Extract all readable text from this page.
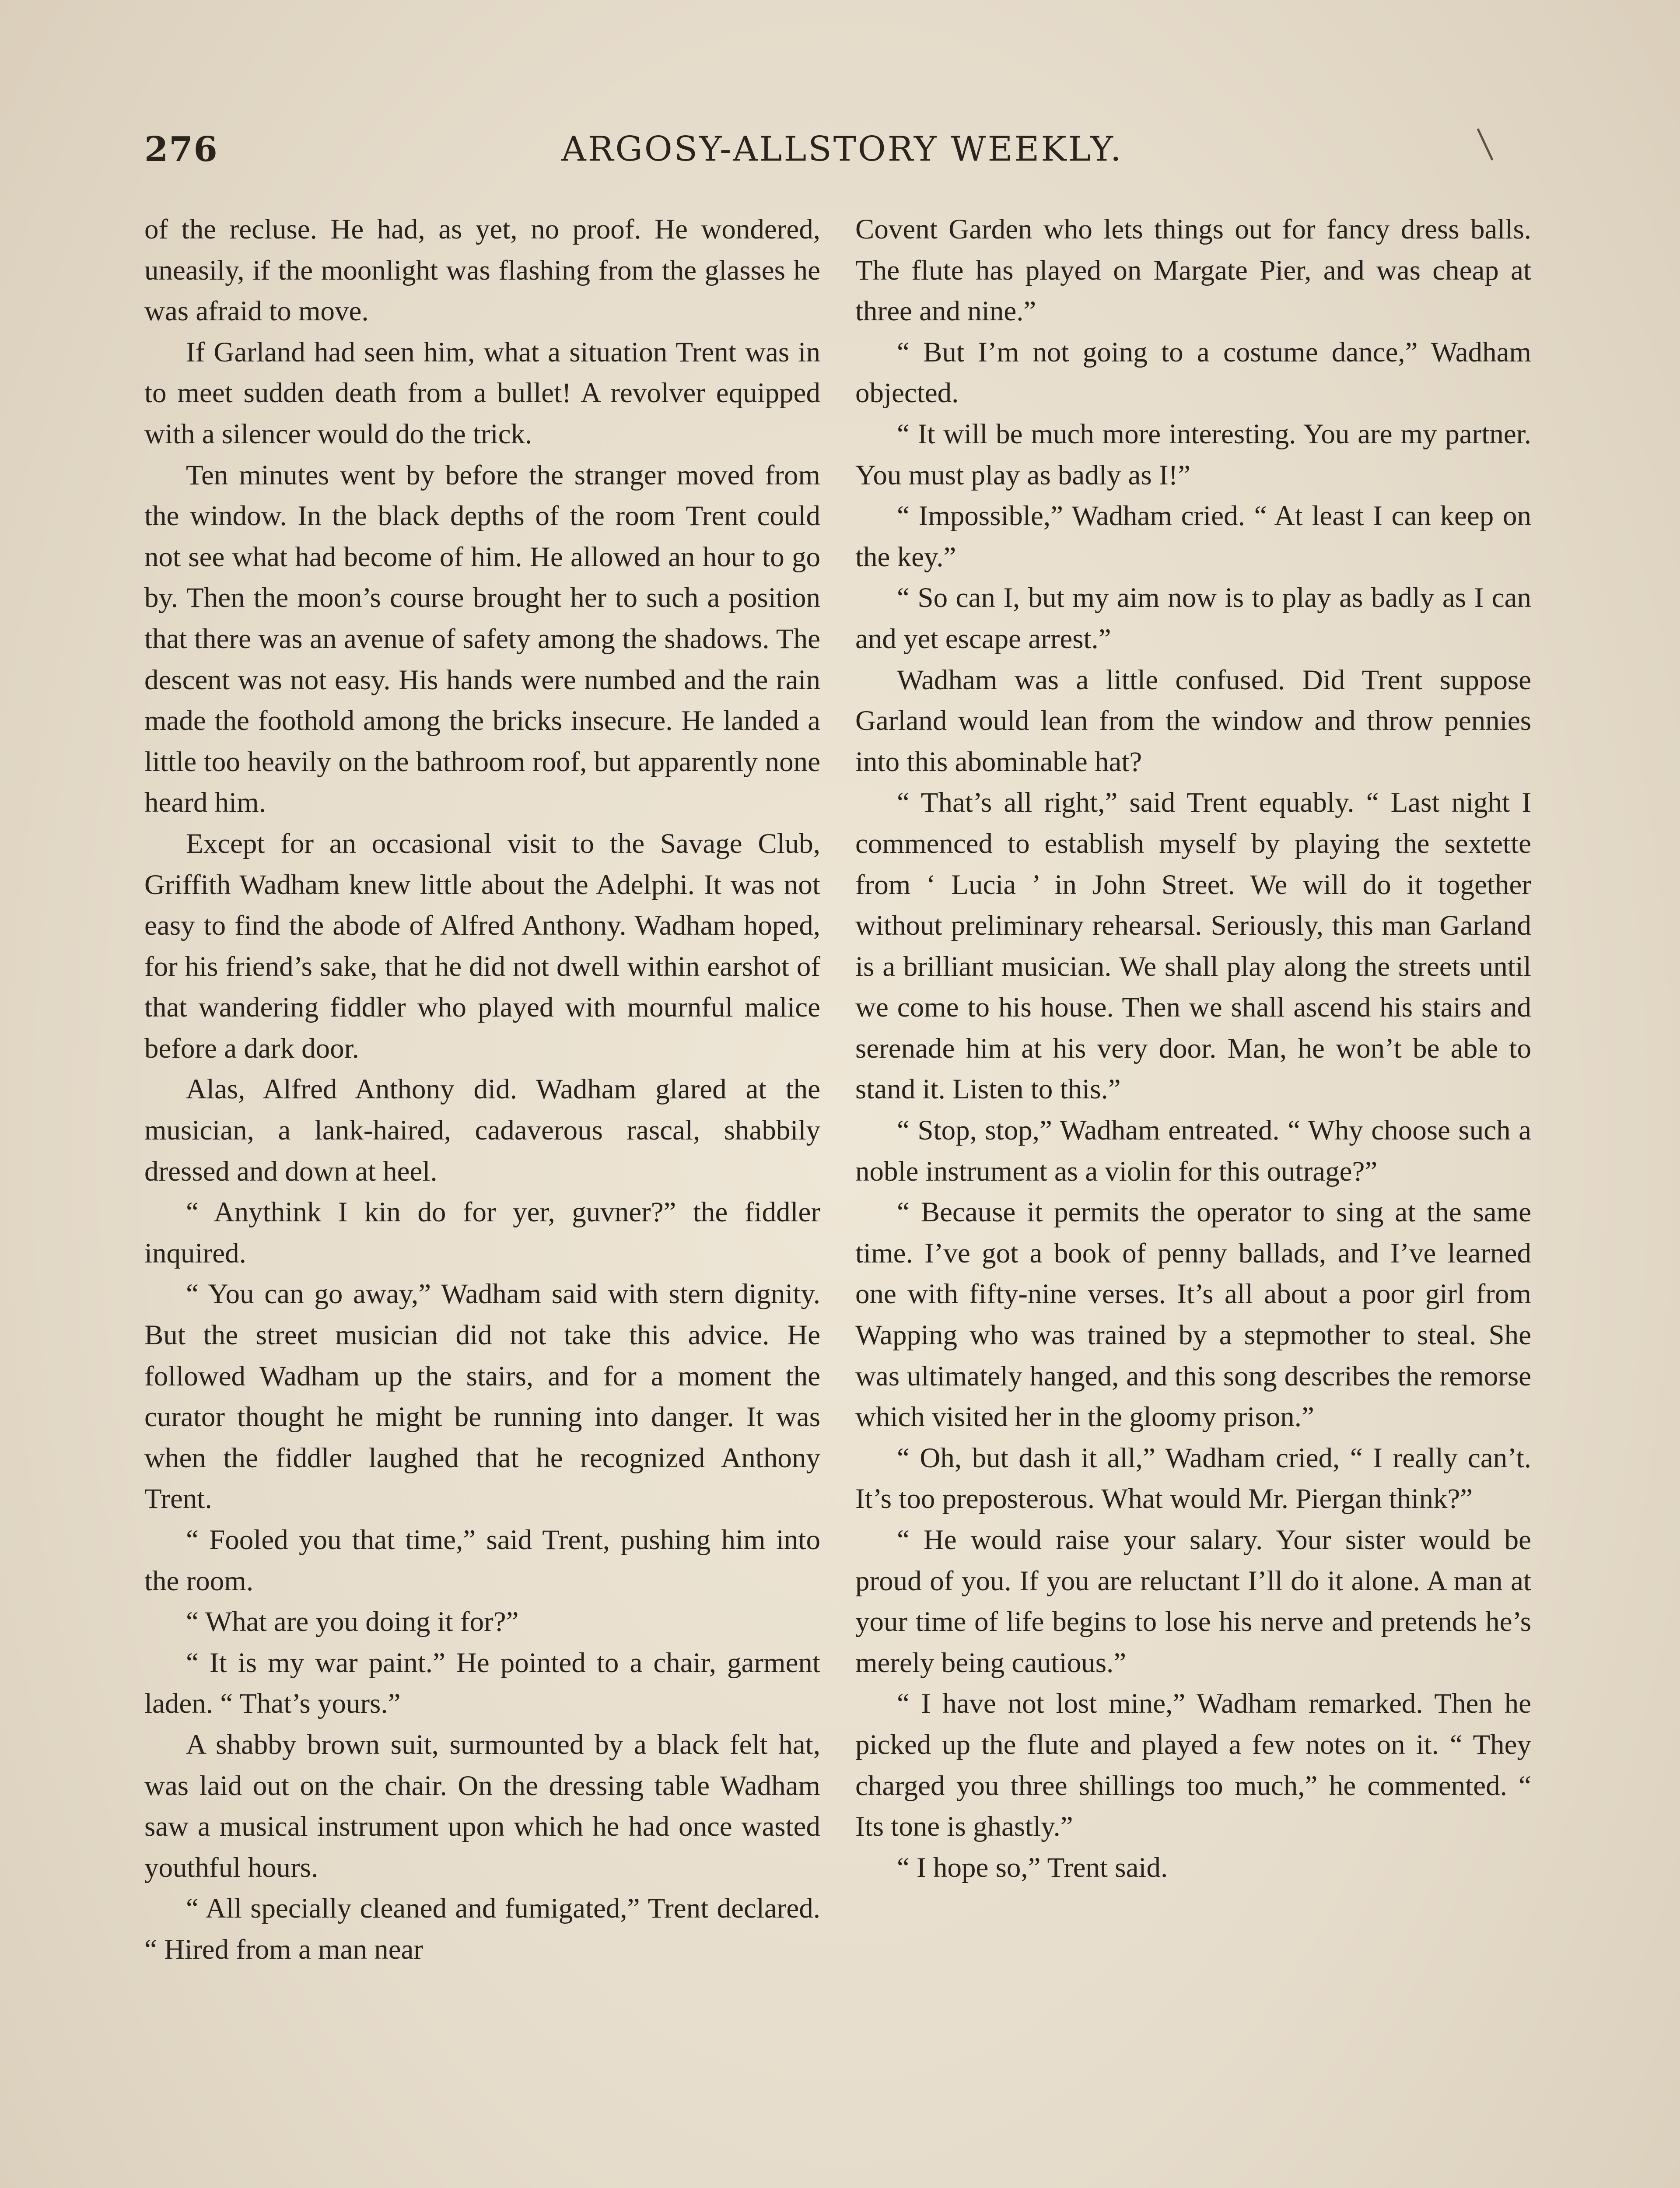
276	ARGOSY-ALLSTORY WEEKLY.

of the recluse. He had, as yet, no proof. He wondered, uneasily, if the moonlight was flashing from the glasses he was afraid to move.

If Garland had seen him, what a situation Trent was in to meet sudden death from a bullet! A revolver equipped with a silencer would do the trick.

Ten minutes went by before the stranger moved from the window. In the black depths of the room Trent could not see what had become of him. He allowed an hour to go by. Then the moon’s course brought her to such a position that there was an avenue of safety among the shadows. The descent was not easy. His hands were numbed and the rain made the foothold among the bricks insecure. He landed a little too heavily on the bathroom roof, but apparently none heard him.

Except for an occasional visit to the Savage Club, Griffith Wadham knew little about the Adelphi. It was not easy to find the abode of Alfred Anthony. Wadham hoped, for his friend’s sake, that he did not dwell within earshot of that wandering fiddler who played with mournful malice before a dark door.

Alas, Alfred Anthony did. Wadham glared at the musician, a lank-haired, cadaverous rascal, shabbily dressed and down at heel.

“ Anythink I kin do for yer, guvner?” the fiddler inquired.

“ You can go away,” Wadham said with stern dignity. But the street musician did not take this advice. He followed Wadham up the stairs, and for a moment the curator thought he might be running into danger. It was when the fiddler laughed that he recognized Anthony Trent.

“ Fooled you that time,” said Trent, pushing him into the room.

“ What are you doing it for?”

“ It is my war paint.” He pointed to a chair, garment laden. “ That’s yours.”

A shabby brown suit, surmounted by a black felt hat, was laid out on the chair. On the dressing table Wadham saw a musical instrument upon which he had once wasted youthful hours.

“ All specially cleaned and fumigated,” Trent declared. “ Hired from a man near

Covent Garden who lets things out for fancy dress balls. The flute has played on Margate Pier, and was cheap at three and nine.”

“ But I’m not going to a costume dance,” Wadham objected.

“ It will be much more interesting. You are my partner. You must play as badly as I!”

“ Impossible,” Wadham cried. “ At least I can keep on the key.”

“ So can I, but my aim now is to play as badly as I can and yet escape arrest.”

Wadham was a little confused. Did Trent suppose Garland would lean from the window and throw pennies into this abominable hat?

“ That’s all right,” said Trent equably. “ Last night I commenced to establish myself by playing the sextette from ‘ Lucia ’ in John Street. We will do it together without preliminary rehearsal. Seriously, this man Garland is a brilliant musician. We shall play along the streets until we come to his house. Then we shall ascend his stairs and serenade him at his very door. Man, he won’t be able to stand it. Listen to this.”

“ Stop, stop,” Wadham entreated. “ Why choose such a noble instrument as a violin for this outrage?”

“ Because it permits the operator to sing at the same time. I’ve got a book of penny ballads, and I’ve learned one with fifty-nine verses. It’s all about a poor girl from Wapping who was trained by a stepmother to steal. She was ultimately hanged, and this song describes the remorse which visited her in the gloomy prison.”

“ Oh, but dash it all,” Wadham cried, “ I really can’t. It’s too preposterous. What would Mr. Piergan think?”

“ He would raise your salary. Your sister would be proud of you. If you are reluctant I’ll do it alone. A man at your time of life begins to lose his nerve and pretends he’s merely being cautious.”

“ I have not lost mine,” Wadham remarked. Then he picked up the flute and played a few notes on it. “ They charged you three shillings too much,” he commented. “ Its tone is ghastly.”

“ I hope so,” Trent said.
